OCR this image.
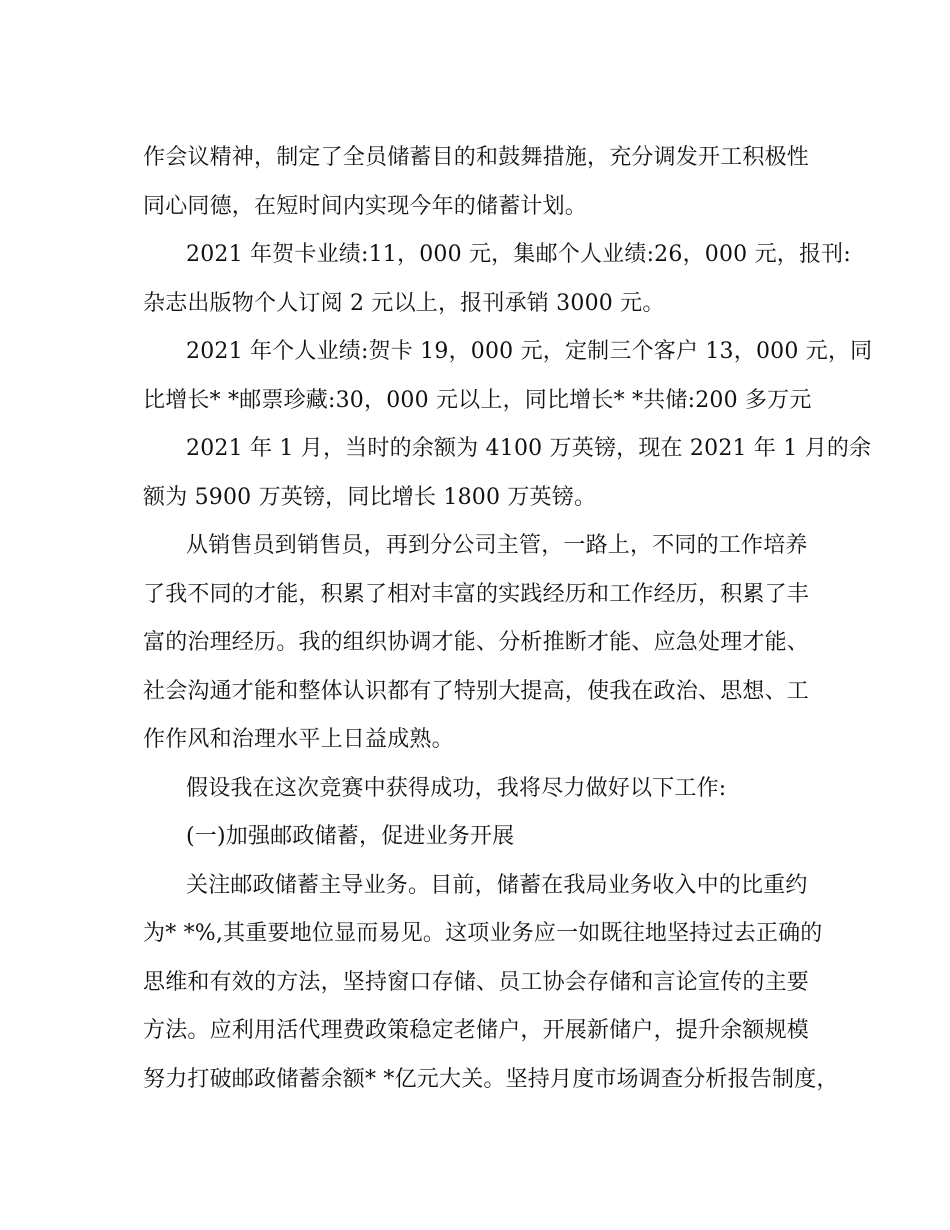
作会议精神，制定了全员储蓄目的和鼓舞措施，充分调发开工积极性
同心同德，在短时间内实现今年的储蓄计划。
2021 年贺卡业绩:11，000 元，集邮个人业绩:26，000 元，报刊:
杂志出版物个人订阅 2 元以上，报刊承销 3000 元。
2021 年个人业绩:贺卡 19，000 元，定制三个客户 13，000 元，同
比增长* *邮票珍藏:30，000 元以上，同比增长* *共储:200 多万元
2021 年 1 月，当时的余额为 4100 万英镑，现在 2021 年 1 月的余
额为 5900 万英镑，同比增长 1800 万英镑。
从销售员到销售员，再到分公司主管，一路上，不同的工作培养
了我不同的才能，积累了相对丰富的实践经历和工作经历，积累了丰
富的治理经历。我的组织协调才能、分析推断才能、应急处理才能、
社会沟通才能和整体认识都有了特别大提高，使我在政治、思想、工
作作风和治理水平上日益成熟。
假设我在这次竞赛中获得成功，我将尽力做好以下工作:
(一)加强邮政储蓄，促进业务开展
关注邮政储蓄主导业务。目前，储蓄在我局业务收入中的比重约
为* *%,其重要地位显而易见。这项业务应一如既往地坚持过去正确的
思维和有效的方法，坚持窗口存储、员工协会存储和言论宣传的主要
方法。应利用活代理费政策稳定老储户，开展新储户，提升余额规模
努力打破邮政储蓄余额* *亿元大关。坚持月度市场调查分析报告制度，
